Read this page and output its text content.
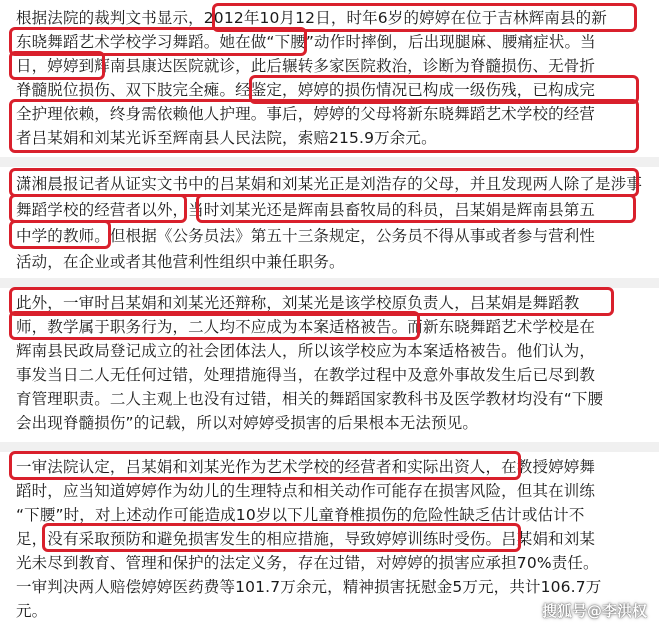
根据法院的裁判文书显示，2012年10月12日，时年6岁的婷婷在位于吉林辉南县的新
东晓舞蹈艺术学校学习舞蹈。她在做“下腰”动作时摔倒，后出现腿麻、腰痛症状。当
日，婷婷到辉南县康达医院就诊，此后辗转多家医院救治，诊断为脊髓损伤、无骨折
脊髓脱位损伤、双下肢完全瘫。经鉴定，婷婷的损伤情况已构成一级伤残，已构成完
全护理依赖，终身需依赖他人护理。事后，婷婷的父母将新东晓舞蹈艺术学校的经营
者吕某娟和刘某光诉至辉南县人民法院，索赔215.9万余元。
潇湘晨报记者从证实文书中的吕某娟和刘某光正是刘浩存的父母，并且发现两人除了是涉事
舞蹈学校的经营者以外，当时刘某光还是辉南县畜牧局的科员，吕某娟是辉南县第五
中学的教师。但根据《公务员法》第五十三条规定，公务员不得从事或者参与营利性
活动，在企业或者其他营利性组织中兼任职务。
此外，一审时吕某娟和刘某光还辩称，刘某光是该学校原负责人，吕某娟是舞蹈教
师，教学属于职务行为，二人均不应成为本案适格被告。而新东晓舞蹈艺术学校是在
辉南县民政局登记成立的社会团体法人，所以该学校应为本案适格被告。他们认为，
事发当日二人无任何过错，处理措施得当，在教学过程中及意外事故发生后已尽到教
育管理职责。二人主观上也没有过错，相关的舞蹈国家教科书及医学教材均没有“下腰
会出现脊髓损伤”的记载，所以对婷婷受损害的后果根本无法预见。
一审法院认定，吕某娟和刘某光作为艺术学校的经营者和实际出资人，在教授婷婷舞
蹈时，应当知道婷婷作为幼儿的生理特点和相关动作可能存在损害风险，但其在训练
“下腰”时，对上述动作可能造成10岁以下儿童脊椎损伤的危险性缺乏估计或估计不
足，没有采取预防和避免损害发生的相应措施，导致婷婷训练时受伤。吕某娟和刘某
光未尽到教育、管理和保护的法定义务，存在过错，对婷婷的损害应承担70%责任。
一审判决两人赔偿婷婷医药费等101.7万余元，精神损害抚慰金5万元，共计106.7万
元。	搜狐号@李洪权
